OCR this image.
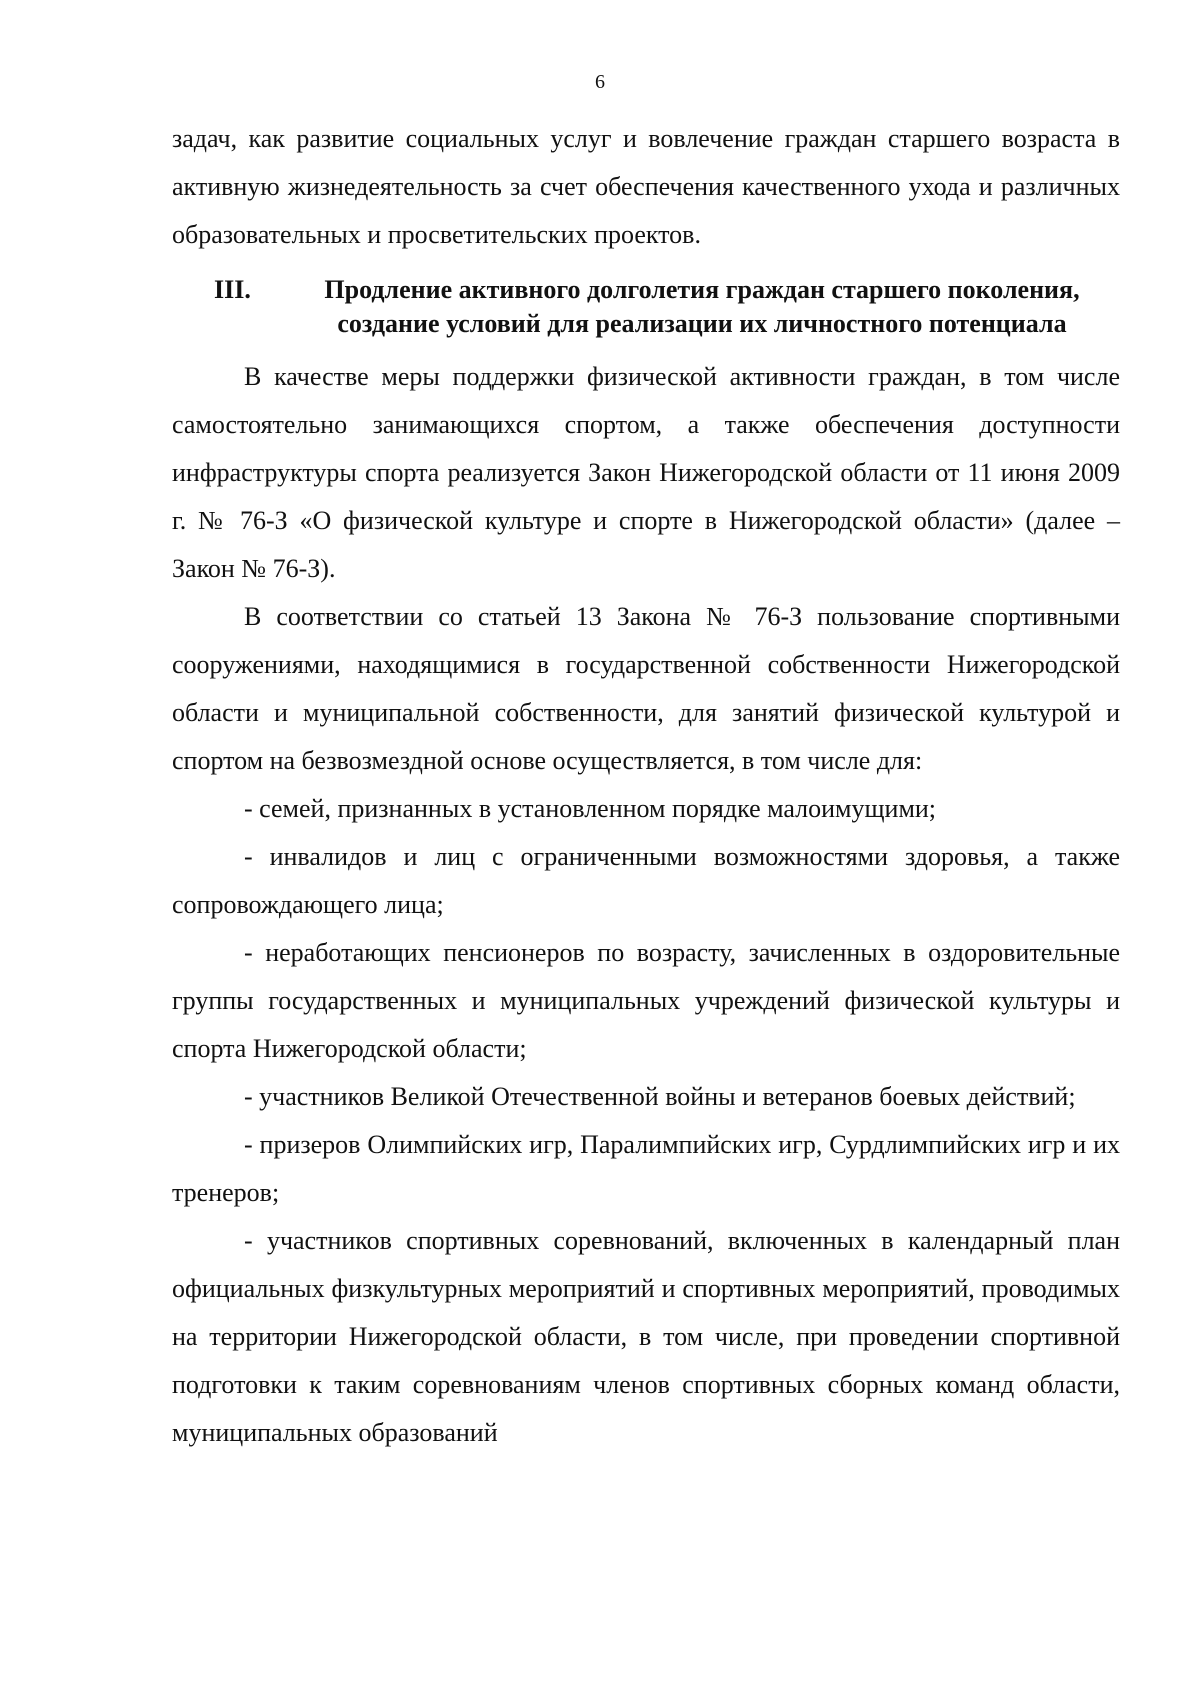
6

задач, как развитие социальных услуг и вовлечение граждан старшего возраста в активную жизнедеятельность за счет обеспечения качественного ухода и различных образовательных и просветительских проектов.

III.	Продление активного долголетия граждан старшего поколения,
создание условий для реализации их личностного потенциала

В качестве меры поддержки физической активности граждан, в том числе самостоятельно занимающихся спортом, а также обеспечения доступности инфраструктуры спорта реализуется Закон Нижегородской области от 11 июня 2009 г. № 76-З «О физической культуре и спорте в Нижегородской области» (далее – Закон № 76-З).

В соответствии со статьей 13 Закона № 76-З пользование спортивными сооружениями, находящимися в государственной собственности Нижегородской области и муниципальной собственности, для занятий физической культурой и спортом на безвозмездной основе осуществляется, в том числе для:

- семей, признанных в установленном порядке малоимущими;

- инвалидов и лиц с ограниченными возможностями здоровья, а также сопровождающего лица;

- неработающих пенсионеров по возрасту, зачисленных в оздоровительные группы государственных и муниципальных учреждений физической культуры и спорта Нижегородской области;

- участников Великой Отечественной войны и ветеранов боевых действий;

- призеров Олимпийских игр, Паралимпийских игр, Сурдлимпийских игр и их тренеров;

- участников спортивных соревнований, включенных в календарный план официальных физкультурных мероприятий и спортивных мероприятий, проводимых на территории Нижегородской области, в том числе, при проведении спортивной подготовки к таким соревнованиям членов спортивных сборных команд области, муниципальных образований
